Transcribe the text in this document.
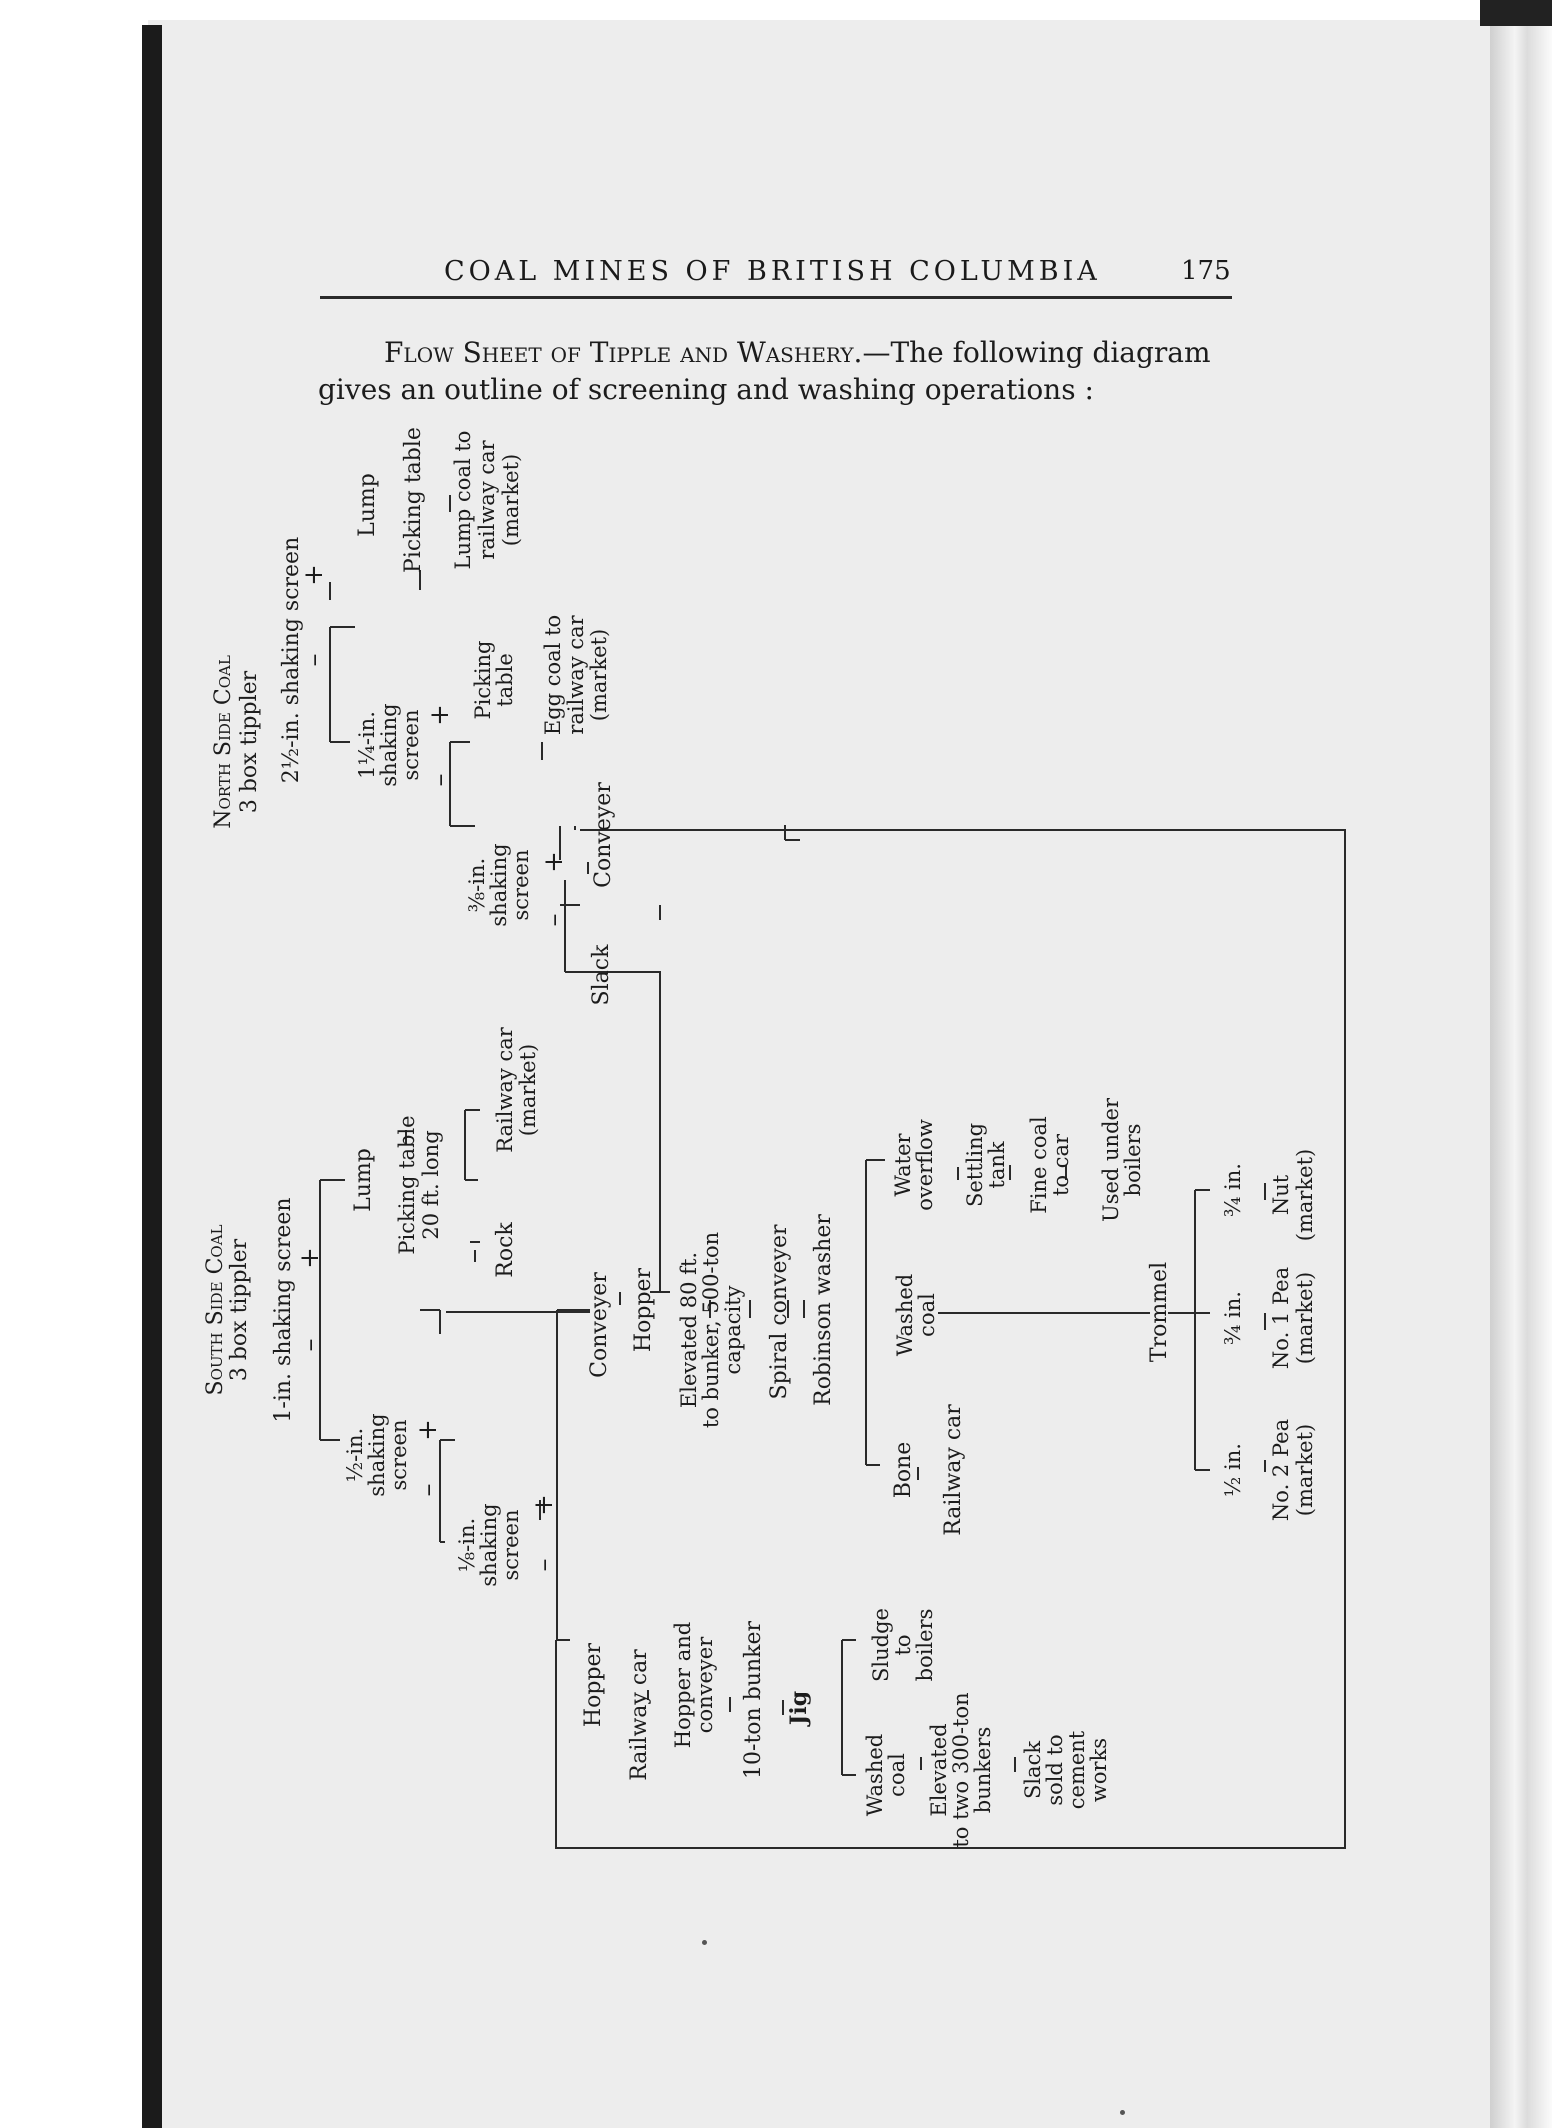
COAL MINES OF BRITISH COLUMBIA	175
Flow Sheet of Tipple and Washery.—The following diagram
gives an outline of screening and washing operations :
North Side Coal 3 box tippler 2½-in. shaking screen
+
–
Lump Picking table Lump coal to railway car (market)
1¼-in.
shaking
screen +
–
Picking
table Egg coal to railway car (market)
⅜-in.
shaking
screen +
–
Conveyer
Slack
South Side Coal 3 box tippler 1-in. shaking screen +
–
Lump Picking table 20 ft. long
Rock
Railway car (market)
½-in.
shaking
screen +
–
⅛-in.
shaking
screen
+
–
Conveyer Hopper Elevated 80 ft.
to bunker, 500-ton
capacity Spiral conveyer Robinson washer
Water
overflow Settling
tank Fine coal
to car Used under
boilers
Washed
coal
Bone Railway car
Trommel
¾ in.
¾ in.
½ in.
Nut (market)
No. 1 Pea (market)
No. 2 Pea (market)
Hopper Railway car Hopper and
conveyer 10-ton bunker Jig
Sludge
to
boilers
Washed
coal Elevated
to two 300-ton
bunkers Slack
sold to
cement
works
